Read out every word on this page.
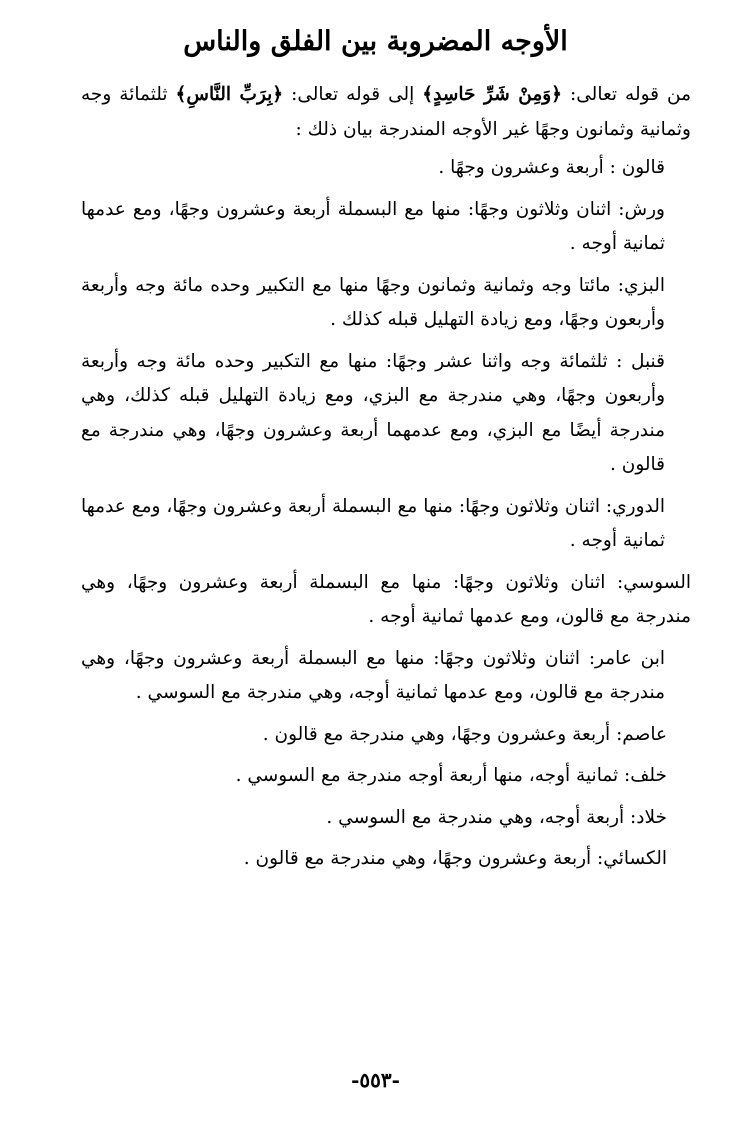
الأوجه المضروبة بين الفلق والناس

من قوله تعالى: ﴿وَمِنْ شَرِّ حَاسِدٍ﴾ إلى قوله تعالى: ﴿بِرَبِّ النَّاسِ﴾ ثلثمائة وجه وثمانية وثمانون وجهًا غير الأوجه المندرجة بيان ذلك :

قالون : أربعة وعشرون وجهًا .

ورش: اثنان وثلاثون وجهًا: منها مع البسملة أربعة وعشرون وجهًا، ومع عدمها ثمانية أوجه .

البزي: مائتا وجه وثمانية وثمانون وجهًا منها مع التكبير وحده مائة وجه وأربعة وأربعون وجهًا، ومع زيادة التهليل قبله كذلك .

قنبل : ثلثمائة وجه واثنا عشر وجهًا: منها مع التكبير وحده مائة وجه وأربعة وأربعون وجهًا، وهي مندرجة مع البزي، ومع زيادة التهليل قبله كذلك، وهي مندرجة أيضًا مع البزي، ومع عدمهما أربعة وعشرون وجهًا، وهي مندرجة مع قالون .

الدوري: اثنان وثلاثون وجهًا: منها مع البسملة أربعة وعشرون وجهًا، ومع عدمها ثمانية أوجه .

السوسي: اثنان وثلاثون وجهًا: منها مع البسملة أربعة وعشرون وجهًا، وهي مندرجة مع قالون، ومع عدمها ثمانية أوجه .

ابن عامر: اثنان وثلاثون وجهًا: منها مع البسملة أربعة وعشرون وجهًا، وهي مندرجة مع قالون، ومع عدمها ثمانية أوجه، وهي مندرجة مع السوسي .

عاصم: أربعة وعشرون وجهًا، وهي مندرجة مع قالون .

خلف: ثمانية أوجه، منها أربعة أوجه مندرجة مع السوسي .

خلاد: أربعة أوجه، وهي مندرجة مع السوسي .

الكسائي: أربعة وعشرون وجهًا، وهي مندرجة مع قالون .

-٥٥٣-
